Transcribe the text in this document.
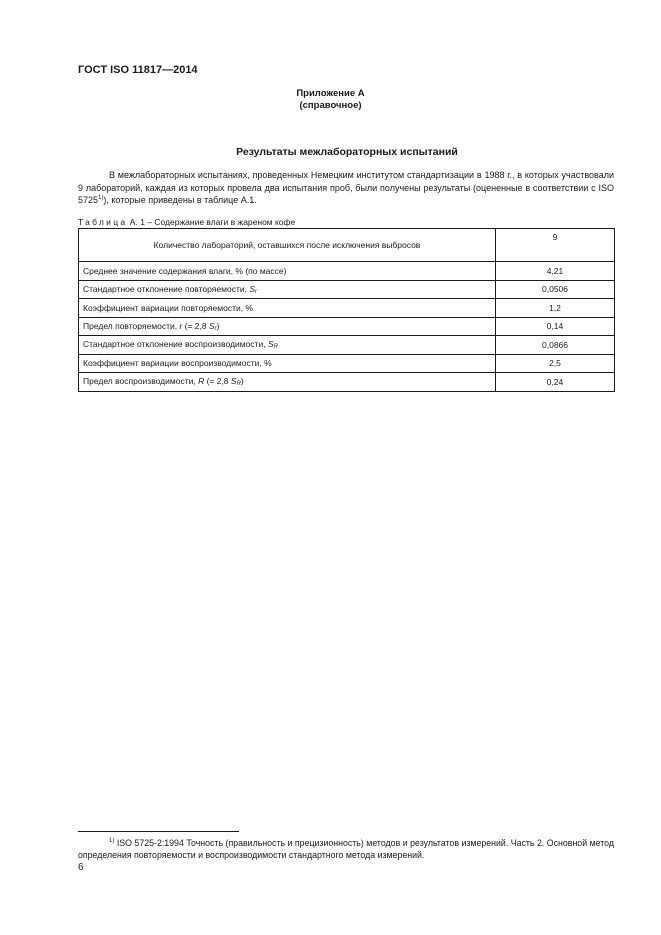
ГОСТ ISO 11817—2014
Приложение А
(справочное)
Результаты межлабораторных испытаний

В межлабораторных испытаниях, проведенных Немецким институтом стандартизации в 1988 г., в которых участвовали 9 лабораторий, каждая из которых провела два испытания проб, были получены результаты (оцененные в соответствии с ISO 5725$^{1)}$), которые приведены в таблице А.1.

Таблица А. 1 – Содержание влаги в жареном кофе
Количество лабораторий, оставшихся после исключения выбросов	9
Среднее значение содержания влаги, % (по массе)	4,21
Стандартное отклонение повторяемости, Sr	0,0506
Коэффициент вариации повторяемости, %	1,2
Предел повторяемости, r (= 2,8 Sr)	0,14
Стандартное отклонение воспроизводимости, SR	0,0866
Коэффициент вариации воспроизводимости, %	2,5
Предел воспроизводимости, R (= 2,8 SR)	0,24
$^{1)}$ ISO 5725-2:1994 Точность (правильность и прецизионность) методов и результатов измерений. Часть 2. Основной метод определения повторяемости и воспроизводимости стандартного метода измерений.
6
